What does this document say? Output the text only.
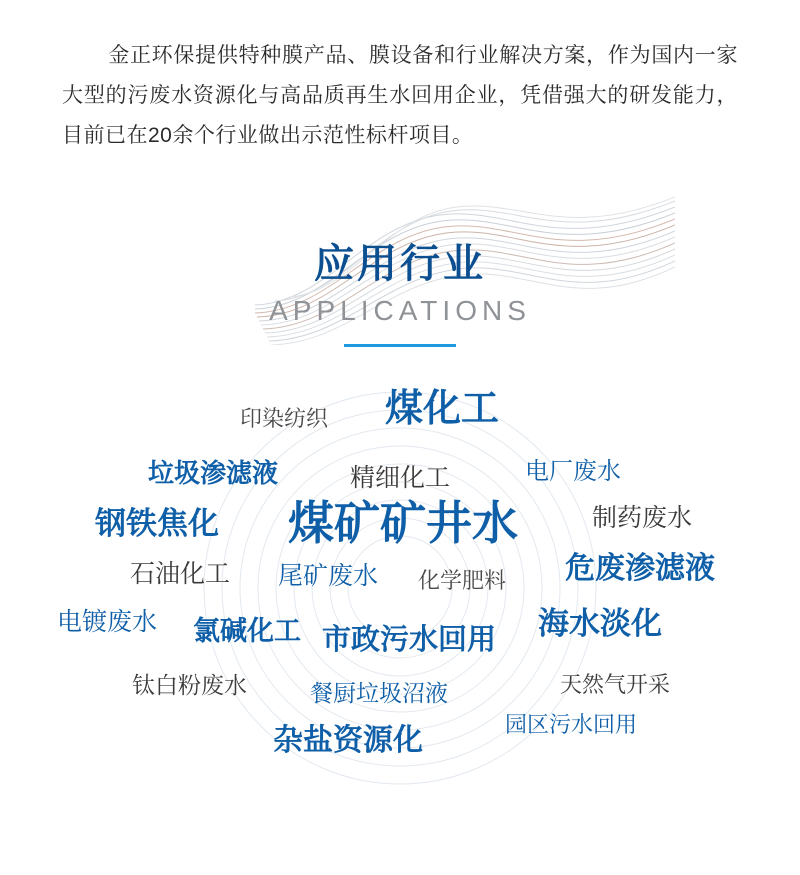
金正环保提供特种膜产品、膜设备和行业解决方案，作为国内一家大型的污废水资源化与高品质再生水回用企业，凭借强大的研发能力，目前已在20余个行业做出示范性标杆项目。
应用行业
APPLICATIONS
印染纺织 煤化工
垃圾渗滤液	精细化工	电厂废水
钢铁焦化 煤矿矿井水	制药废水
石油化工 尾矿废水 化学肥料 危废渗滤液
电镀废水 氯碱化工	海水淡化
市政污水回用
钛白粉废水	餐厨垃圾沼液	天然气开采
园区污水回用
杂盐资源化
